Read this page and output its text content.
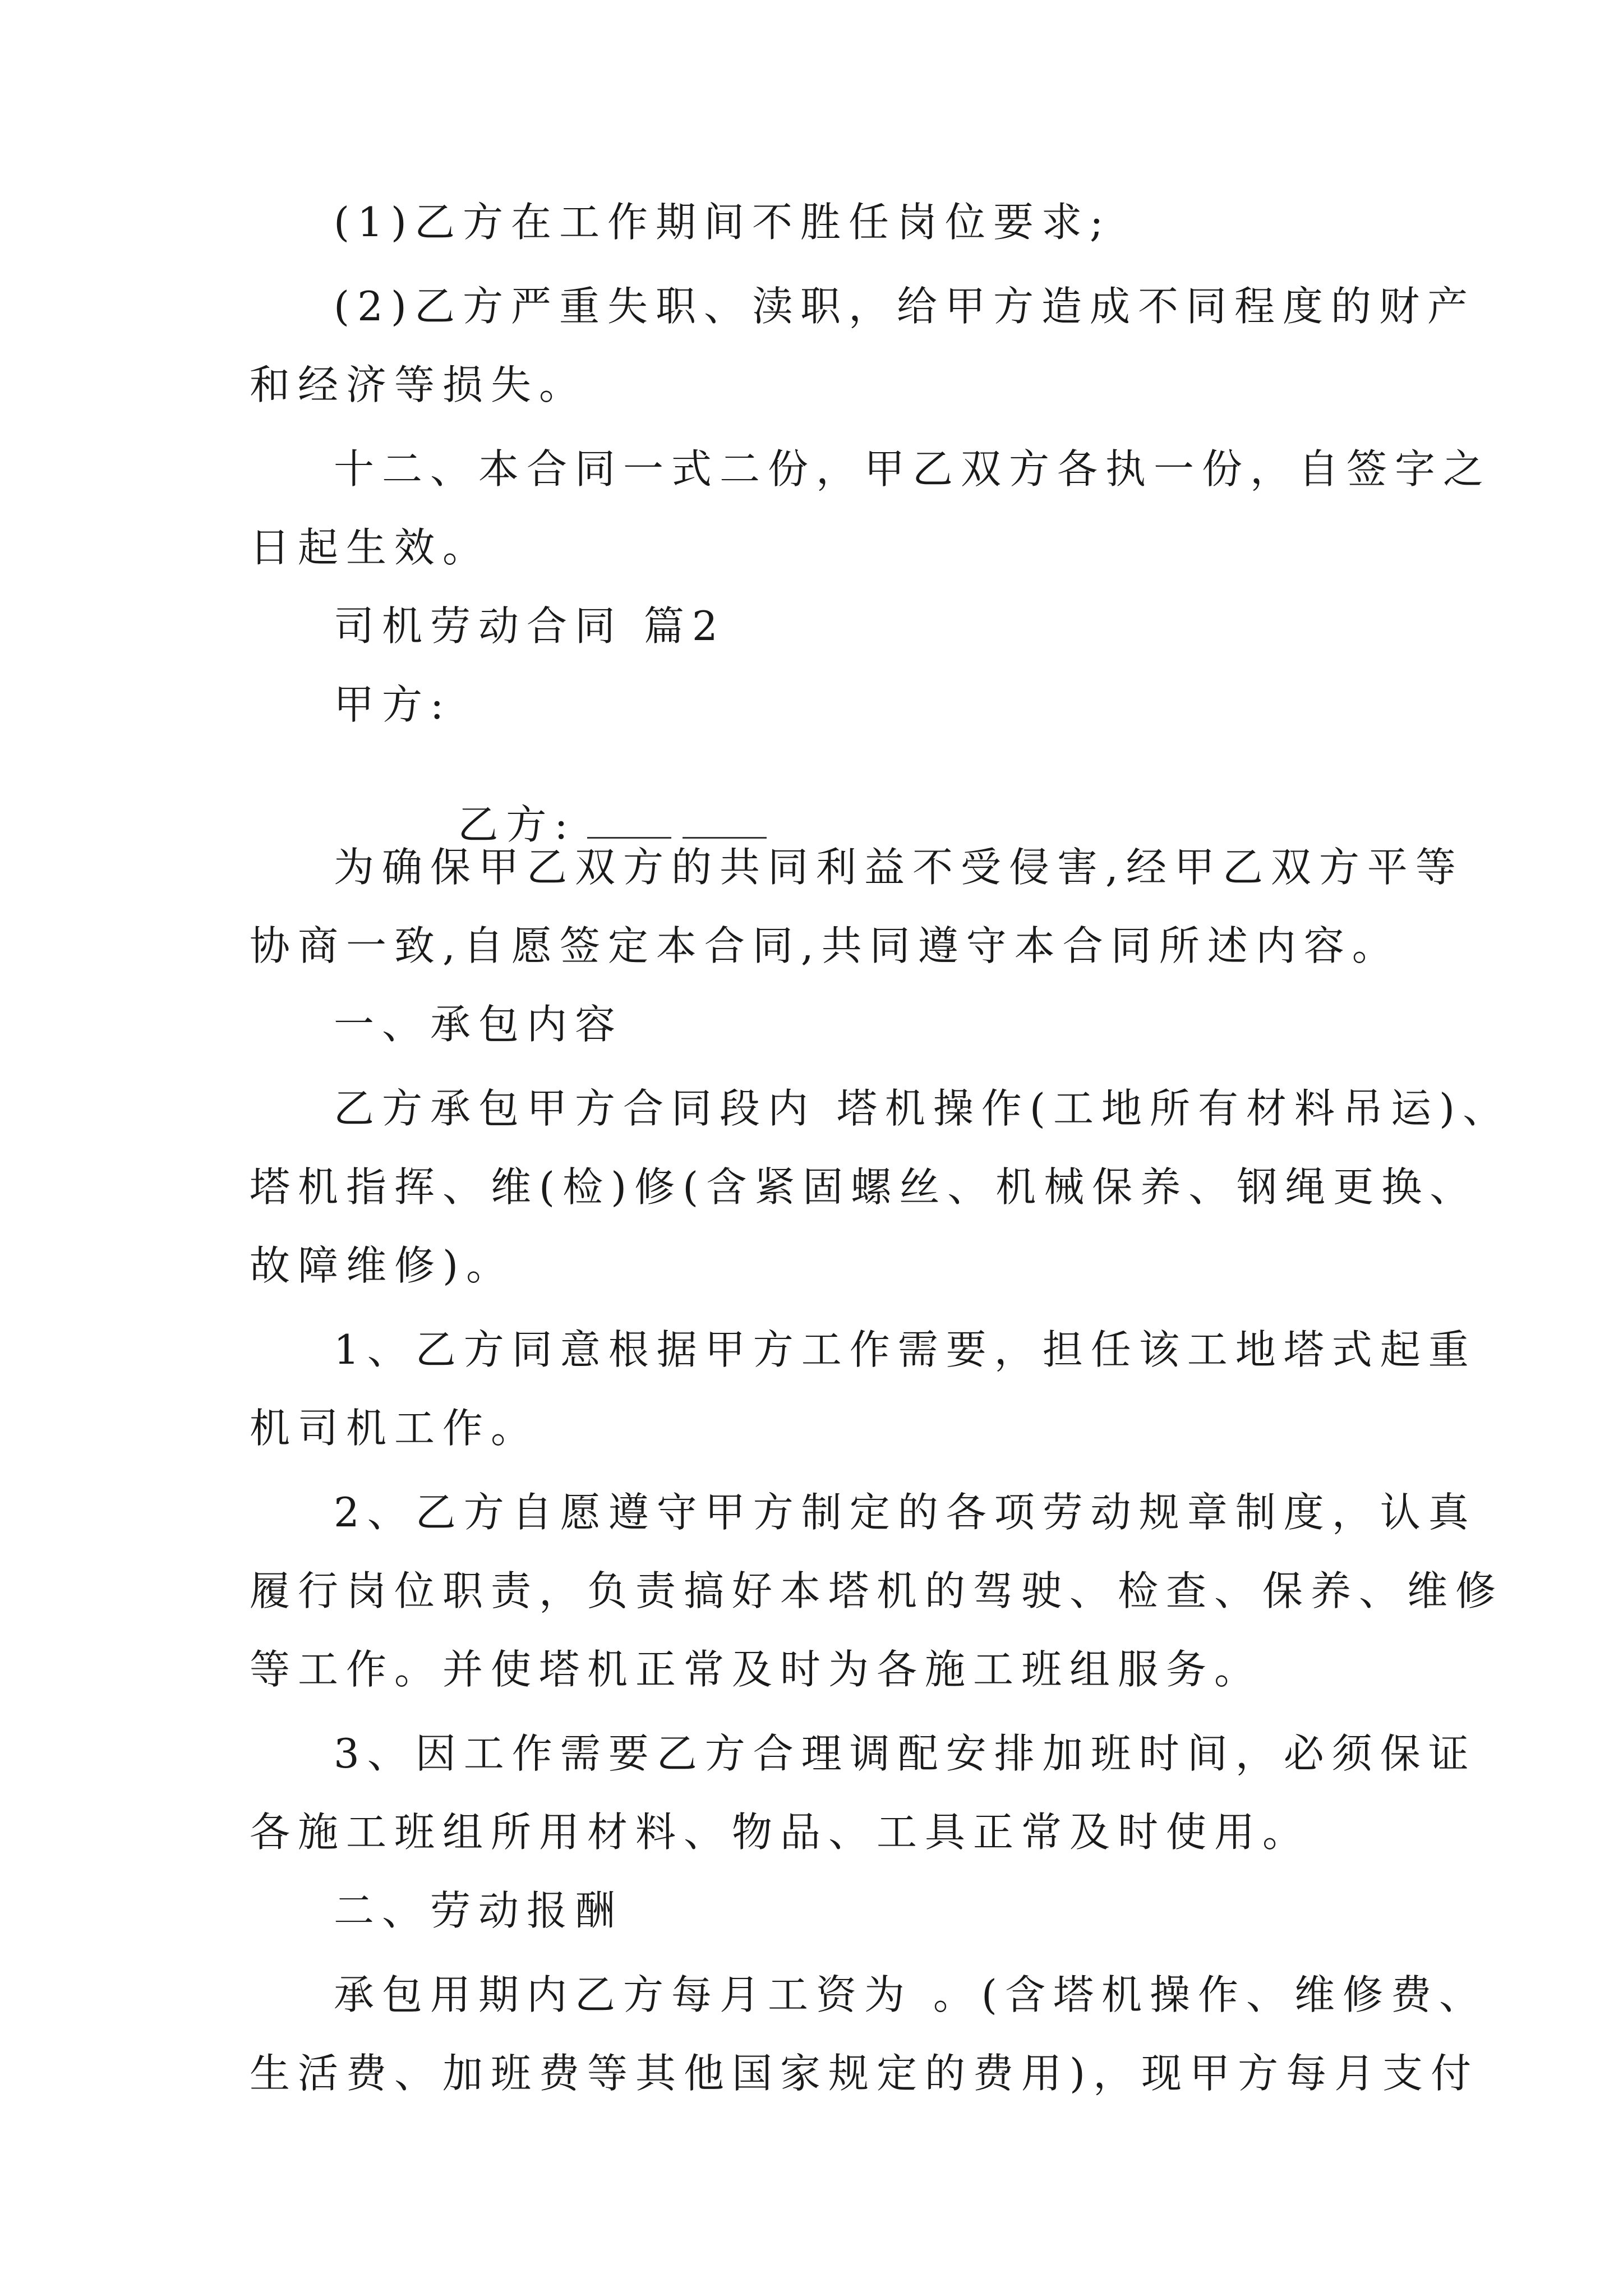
(1)乙方在工作期间不胜任岗位要求;
(2)乙方严重失职、渎职，给甲方造成不同程度的财产
和经济等损失。
十二、本合同一式二份，甲乙双方各执一份，自签字之
日起生效。
司机劳动合同 篇2
甲方:

乙方:

为确保甲乙双方的共同利益不受侵害,经甲乙双方平等
协商一致,自愿签定本合同,共同遵守本合同所述内容。
一、承包内容
乙方承包甲方合同段内 塔机操作(工地所有材料吊运)、
塔机指挥、维(检)修(含紧固螺丝、机械保养、钢绳更换、
故障维修)。
1、乙方同意根据甲方工作需要，担任该工地塔式起重
机司机工作。
2、乙方自愿遵守甲方制定的各项劳动规章制度，认真
履行岗位职责，负责搞好本塔机的驾驶、检查、保养、维修
等工作。并使塔机正常及时为各施工班组服务。
3、因工作需要乙方合理调配安排加班时间，必须保证
各施工班组所用材料、物品、工具正常及时使用。
二、劳动报酬
承包用期内乙方每月工资为 。(含塔机操作、维修费、
生活费、加班费等其他国家规定的费用)，现甲方每月支付
